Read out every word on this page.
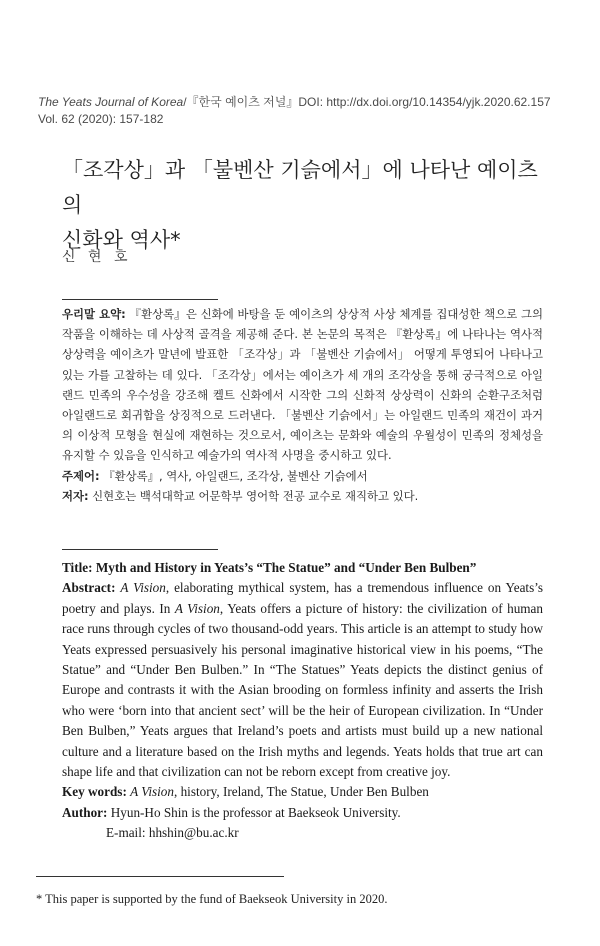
The Yeats Journal of Korea/『한국 예이츠 저널』DOI: http://dx.doi.org/10.14354/yjk.2020.62.157
Vol. 62 (2020): 157-182
「조각상」과 「불벤산 기슭에서」에 나타난 예이츠의
신화와 역사*
신 현 호

우리말 요약: 『환상록』은 신화에 바탕을 둔 예이츠의 상상적 사상 체계를 집대성한 책으로 그의 작품을 이해하는 데 사상적 골격을 제공해 준다. 본 논문의 목적은 『환상록』에 나타나는 역사적 상상력을 예이츠가 말년에 발표한 「조각상」과 「불벤산 기슭에서」 어떻게 투영되어 나타나고 있는 가를 고찰하는 데 있다. 「조각상」에서는 예이츠가 세 개의 조각상을 통해 궁극적으로 아일랜드 민족의 우수성을 강조해 켈트 신화에서 시작한 그의 신화적 상상력이 신화의 순환구조처럼 아일랜드로 회귀함을 상징적으로 드러낸다. 「불벤산 기슭에서」는 아일랜드 민족의 재건이 과거의 이상적 모형을 현실에 재현하는 것으로서, 예이츠는 문화와 예술의 우월성이 민족의 정체성을 유지할 수 있음을 인식하고 예술가의 역사적 사명을 중시하고 있다.

주제어: 『환상록』, 역사, 아일랜드, 조각상, 불벤산 기슭에서

저자: 신현호는 백석대학교 어문학부 영어학 전공 교수로 재직하고 있다.

Title: Myth and History in Yeats’s “The Statue” and “Under Ben Bulben”

Abstract: A Vision, elaborating mythical system, has a tremendous influence on Yeats’s poetry and plays. In A Vision, Yeats offers a picture of history: the civilization of human race runs through cycles of two thousand-odd years. This article is an attempt to study how Yeats expressed persuasively his personal imaginative historical view in his poems, “The Statue” and “Under Ben Bulben.” In “The Statues” Yeats depicts the distinct genius of Europe and contrasts it with the Asian brooding on formless infinity and asserts the Irish who were ‘born into that ancient sect’ will be the heir of European civilization. In “Under Ben Bulben,” Yeats argues that Ireland’s poets and artists must build up a new national culture and a literature based on the Irish myths and legends. Yeats holds that true art can shape life and that civilization can not be reborn except from creative joy.

Key words: A Vision, history, Ireland, The Statue, Under Ben Bulben

Author: Hyun-Ho Shin is the professor at Baekseok University.

E-mail: hhshin@bu.ac.kr

* This paper is supported by the fund of Baekseok University in 2020.
